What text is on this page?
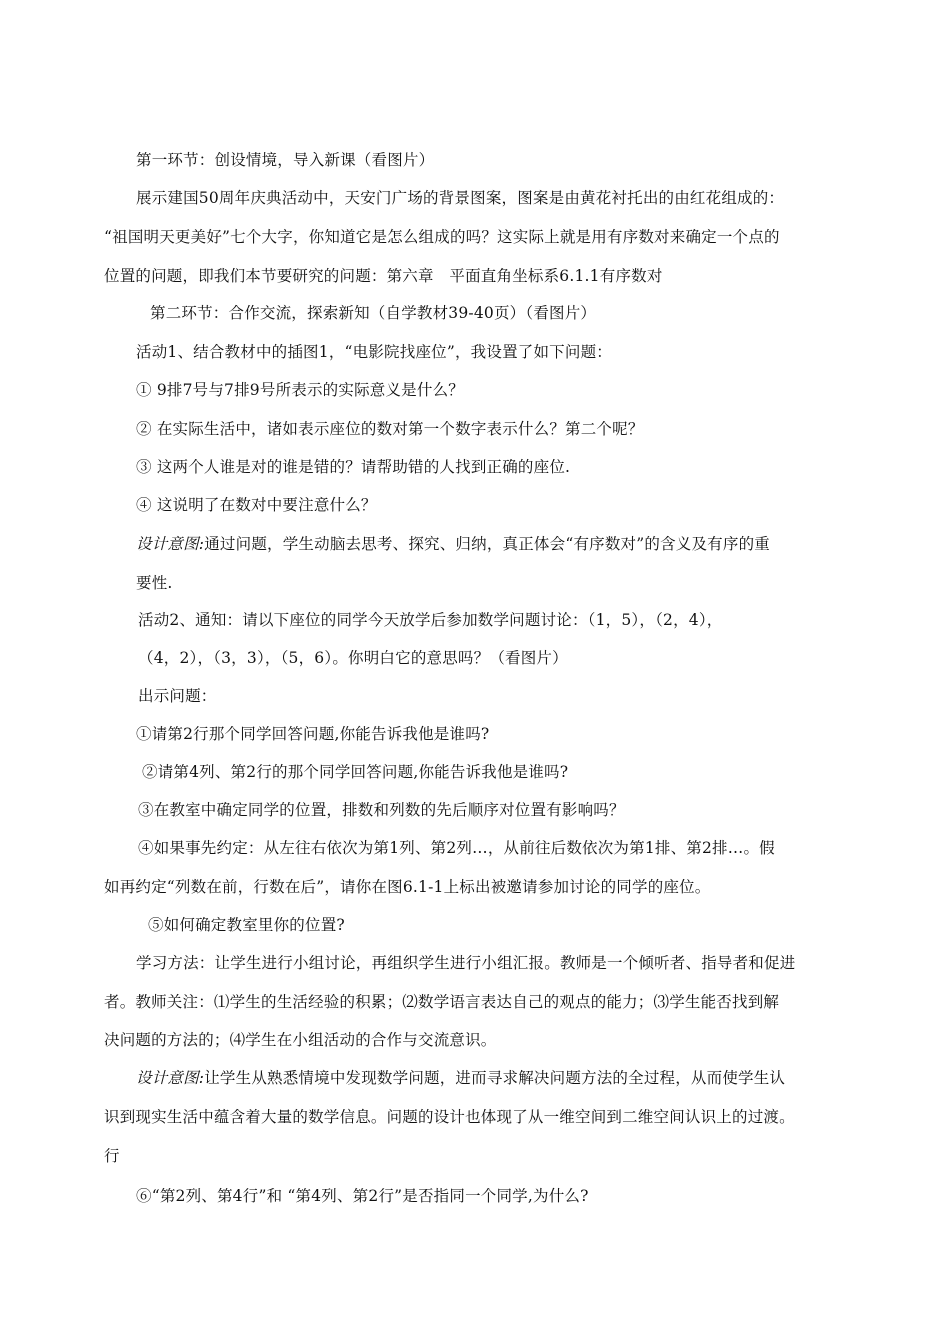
第一环节：创设情境，导入新课（看图片）
展示建国50周年庆典活动中，天安门广场的背景图案，图案是由黄花衬托出的由红花组成的：
“祖国明天更美好”七个大字，你知道它是怎么组成的吗？这实际上就是用有序数对来确定一个点的
位置的问题，即我们本节要研究的问题：第六章　平面直角坐标系6.1.1有序数对
第二环节：合作交流，探索新知（自学教材39-40页）（看图片）
活动1、结合教材中的插图1，“电影院找座位”，我设置了如下问题：
① 9排7号与7排9号所表示的实际意义是什么？
② 在实际生活中，诸如表示座位的数对第一个数字表示什么？第二个呢？
③ 这两个人谁是对的谁是错的？请帮助错的人找到正确的座位.
④ 这说明了在数对中要注意什么？
设计意图:通过问题，学生动脑去思考、探究、归纳，真正体会“有序数对”的含义及有序的重
要性.
活动2、通知：请以下座位的同学今天放学后参加数学问题讨论：（1，5），（2，4），
（4，2），（3，3），（5，6）。你明白它的意思吗？（看图片）
出示问题：
①请第2行那个同学回答问题,你能告诉我他是谁吗?
②请第4列、第2行的那个同学回答问题,你能告诉我他是谁吗?
③在教室中确定同学的位置，排数和列数的先后顺序对位置有影响吗？
④如果事先约定：从左往右依次为第1列、第2列…，从前往后数依次为第1排、第2排…。假
如再约定“列数在前，行数在后”，请你在图6.1-1上标出被邀请参加讨论的同学的座位。
⑤如何确定教室里你的位置?
学习方法：让学生进行小组讨论，再组织学生进行小组汇报。教师是一个倾听者、指导者和促进
者。教师关注：⑴学生的生活经验的积累；⑵数学语言表达自己的观点的能力；⑶学生能否找到解
决问题的方法的；⑷学生在小组活动的合作与交流意识。
设计意图:让学生从熟悉情境中发现数学问题，进而寻求解决问题方法的全过程，从而使学生认
识到现实生活中蕴含着大量的数学信息。问题的设计也体现了从一维空间到二维空间认识上的过渡。
行
⑥“第2列、第4行”和 “第4列、第2行”是否指同一个同学,为什么?
